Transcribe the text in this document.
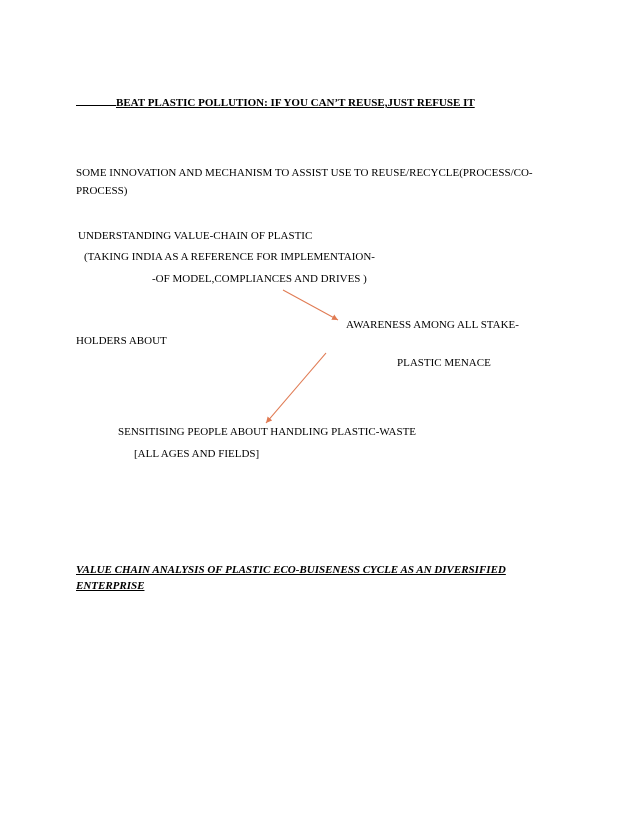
BEAT PLASTIC POLLUTION: IF YOU CAN’T REUSE,JUST REFUSE IT
SOME INNOVATION AND MECHANISM TO ASSIST USE TO REUSE/RECYCLE(PROCESS/CO-PROCESS)
UNDERSTANDING VALUE-CHAIN OF PLASTIC
(TAKING INDIA AS A REFERENCE FOR IMPLEMENTAION-
-OF MODEL,COMPLIANCES AND DRIVES )
AWARENESS AMONG ALL STAKE-
HOLDERS ABOUT
PLASTIC MENACE
SENSITISING PEOPLE ABOUT HANDLING PLASTIC-WASTE
[ALL AGES AND FIELDS]
VALUE CHAIN ANALYSIS OF PLASTIC ECO-BUISENESS CYCLE AS AN DIVERSIFIED ENTERPRISE
